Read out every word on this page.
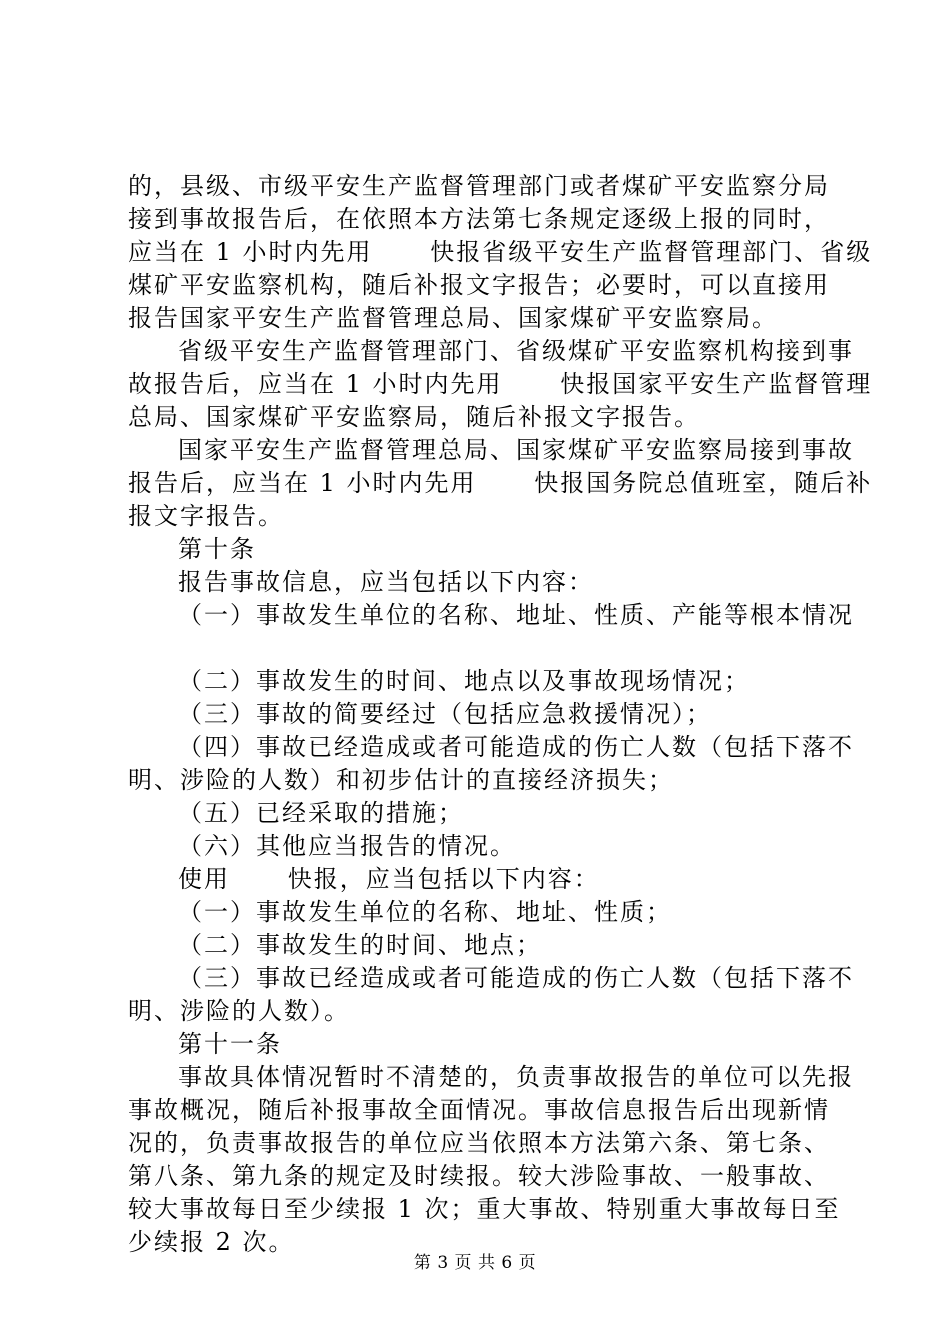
的，县级、市级平安生产监督管理部门或者煤矿平安监察分局
接到事故报告后，在依照本方法第七条规定逐级上报的同时，
应当在 1 小时内先用      快报省级平安生产监督管理部门、省级
煤矿平安监察机构，随后补报文字报告；必要时，可以直接用
报告国家平安生产监督管理总局、国家煤矿平安监察局。
省级平安生产监督管理部门、省级煤矿平安监察机构接到事
故报告后，应当在 1 小时内先用      快报国家平安生产监督管理
总局、国家煤矿平安监察局，随后补报文字报告。
国家平安生产监督管理总局、国家煤矿平安监察局接到事故
报告后，应当在 1 小时内先用      快报国务院总值班室，随后补
报文字报告。
第十条
报告事故信息，应当包括以下内容：
（一）事故发生单位的名称、地址、性质、产能等根本情况
（二）事故发生的时间、地点以及事故现场情况；
（三）事故的简要经过（包括应急救援情况）；
（四）事故已经造成或者可能造成的伤亡人数（包括下落不
明、涉险的人数）和初步估计的直接经济损失；
（五）已经采取的措施；
（六）其他应当报告的情况。
使用      快报，应当包括以下内容：
（一）事故发生单位的名称、地址、性质；
（二）事故发生的时间、地点；
（三）事故已经造成或者可能造成的伤亡人数（包括下落不
明、涉险的人数）。
第十一条
事故具体情况暂时不清楚的，负责事故报告的单位可以先报
事故概况，随后补报事故全面情况。事故信息报告后出现新情
况的，负责事故报告的单位应当依照本方法第六条、第七条、
第八条、第九条的规定及时续报。较大涉险事故、一般事故、
较大事故每日至少续报 1 次；重大事故、特别重大事故每日至
少续报 2 次。
第 3 页 共 6 页
